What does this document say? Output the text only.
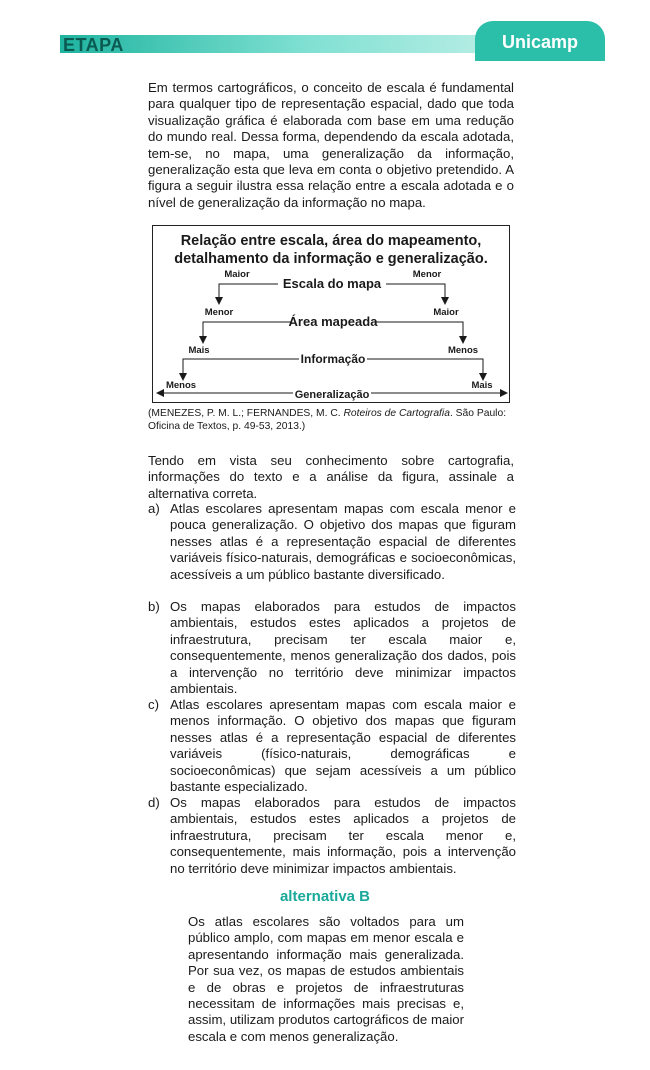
ETAPA	Unicamp
Em termos cartográficos, o conceito de escala é fundamental para qualquer tipo de representação espacial, dado que toda visualização gráfica é elaborada com base em uma redução do mundo real. Dessa forma, dependendo da escala adotada, tem-se, no mapa, uma generalização da informação, generalização esta que leva em conta o objetivo pretendido. A figura a seguir ilustra essa relação entre a escala adotada e o nível de generalização da informação no mapa.
Relação entre escala, área do mapeamento,
detalhamento da informação e generalização.
Escala do mapa
Maior	Menor
Área mapeada
Menor	Maior
Informação
Mais	Menos
Generalização
Menos	Mais
(MENEZES, P. M. L.; FERNANDES, M. C. Roteiros de Cartografia. São Paulo: Oficina de Textos, p. 49-53, 2013.)
Tendo em vista seu conhecimento sobre cartografia, informações do texto e a análise da figura, assinale a alternativa correta.
a) Atlas escolares apresentam mapas com escala menor e pouca generalização. O objetivo dos mapas que figuram nesses atlas é a representação espacial de diferentes variáveis físico-naturais, demográficas e socioeconômicas, acessíveis a um público bastante diversificado.
b) Os mapas elaborados para estudos de impactos ambientais, estudos estes aplicados a projetos de infraestrutura, precisam ter escala maior e, consequentemente, menos generalização dos dados, pois a intervenção no território deve minimizar impactos ambientais.
c) Atlas escolares apresentam mapas com escala maior e menos informação. O objetivo dos mapas que figuram nesses atlas é a representação espacial de diferentes variáveis (físico-naturais, demográficas e socioeconômicas) que sejam acessíveis a um público bastante especializado.
d) Os mapas elaborados para estudos de impactos ambientais, estudos estes aplicados a projetos de infraestrutura, precisam ter escala menor e, consequentemente, mais informação, pois a intervenção no território deve minimizar impactos ambientais.
alternativa B
Os atlas escolares são voltados para um público amplo, com mapas em menor escala e apresentando informação mais generalizada. Por sua vez, os mapas de estudos ambientais e de obras e projetos de infraestruturas necessitam de informações mais precisas e, assim, utilizam produtos cartográficos de maior escala e com menos generalização.
